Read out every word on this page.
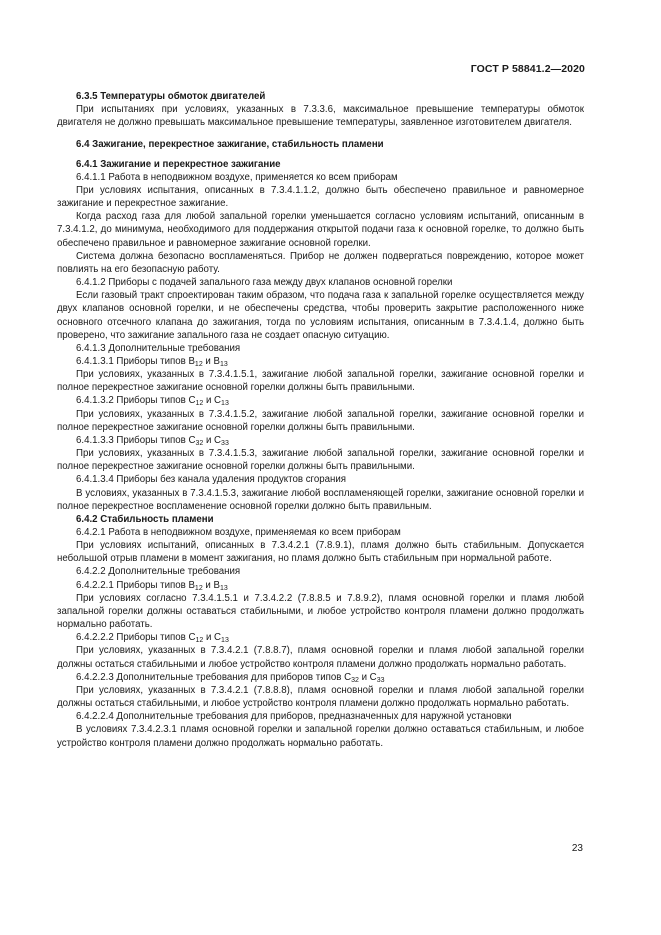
ГОСТ Р 58841.2—2020

6.3.5 Температуры обмоток двигателей

При испытаниях при условиях, указанных в 7.3.3.6, максимальное превышение температуры обмоток двигателя не должно превышать максимальное превышение температуры, заявленное изготовителем двигателя.

6.4 Зажигание, перекрестное зажигание, стабильность пламени

6.4.1 Зажигание и перекрестное зажигание

6.4.1.1 Работа в неподвижном воздухе, применяется ко всем приборам

При условиях испытания, описанных в 7.3.4.1.1.2, должно быть обеспечено правильное и равномерное зажигание и перекрестное зажигание.

Когда расход газа для любой запальной горелки уменьшается согласно условиям испытаний, описанным в 7.3.4.1.2, до минимума, необходимого для поддержания открытой подачи газа к основной горелке, то должно быть обеспечено правильное и равномерное зажигание основной горелки.

Система должна безопасно воспламеняться. Прибор не должен подвергаться повреждению, которое может повлиять на его безопасную работу.

6.4.1.2 Приборы с подачей запального газа между двух клапанов основной горелки

Если газовый тракт спроектирован таким образом, что подача газа к запальной горелке осуществляется между двух клапанов основной горелки, и не обеспечены средства, чтобы проверить закрытие расположенного ниже основного отсечного клапана до зажигания, тогда по условиям испытания, описанным в 7.3.4.1.4, должно быть проверено, что зажигание запального газа не создает опасную ситуацию.

6.4.1.3 Дополнительные требования

6.4.1.3.1 Приборы типов $B_{12}$ и $B_{13}$

При условиях, указанных в 7.3.4.1.5.1, зажигание любой запальной горелки, зажигание основной горелки и полное перекрестное зажигание основной горелки должны быть правильными.

6.4.1.3.2 Приборы типов $C_{12}$ и $C_{13}$

При условиях, указанных в 7.3.4.1.5.2, зажигание любой запальной горелки, зажигание основной горелки и полное перекрестное зажигание основной горелки должны быть правильными.

6.4.1.3.3 Приборы типов $C_{32}$ и $C_{33}$

При условиях, указанных в 7.3.4.1.5.3, зажигание любой запальной горелки, зажигание основной горелки и полное перекрестное зажигание основной горелки должны быть правильными.

6.4.1.3.4 Приборы без канала удаления продуктов сгорания

В условиях, указанных в 7.3.4.1.5.3, зажигание любой воспламеняющей горелки, зажигание основной горелки и полное перекрестное воспламенение основной горелки должно быть правильным.

6.4.2 Стабильность пламени

6.4.2.1 Работа в неподвижном воздухе, применяемая ко всем приборам

При условиях испытаний, описанных в 7.3.4.2.1 (7.8.9.1), пламя должно быть стабильным. Допускается небольшой отрыв пламени в момент зажигания, но пламя должно быть стабильным при нормальной работе.

6.4.2.2 Дополнительные требования

6.4.2.2.1 Приборы типов $B_{12}$ и $B_{13}$

При условиях согласно 7.3.4.1.5.1 и 7.3.4.2.2 (7.8.8.5 и 7.8.9.2), пламя основной горелки и пламя любой запальной горелки должны оставаться стабильными, и любое устройство контроля пламени должно продолжать нормально работать.

6.4.2.2.2 Приборы типов $C_{12}$ и $C_{13}$

При условиях, указанных в 7.3.4.2.1 (7.8.8.7), пламя основной горелки и пламя любой запальной горелки должны остаться стабильными и любое устройство контроля пламени должно продолжать нормально работать.

6.4.2.2.3 Дополнительные требования для приборов типов $C_{32}$ и $C_{33}$

При условиях, указанных в 7.3.4.2.1 (7.8.8.8), пламя основной горелки и пламя любой запальной горелки должны остаться стабильными, и любое устройство контроля пламени должно продолжать нормально работать.

6.4.2.2.4 Дополнительные требования для приборов, предназначенных для наружной установки

В условиях 7.3.4.2.3.1 пламя основной горелки и запальной горелки должно оставаться стабильным, и любое устройство контроля пламени должно продолжать нормально работать.

23
